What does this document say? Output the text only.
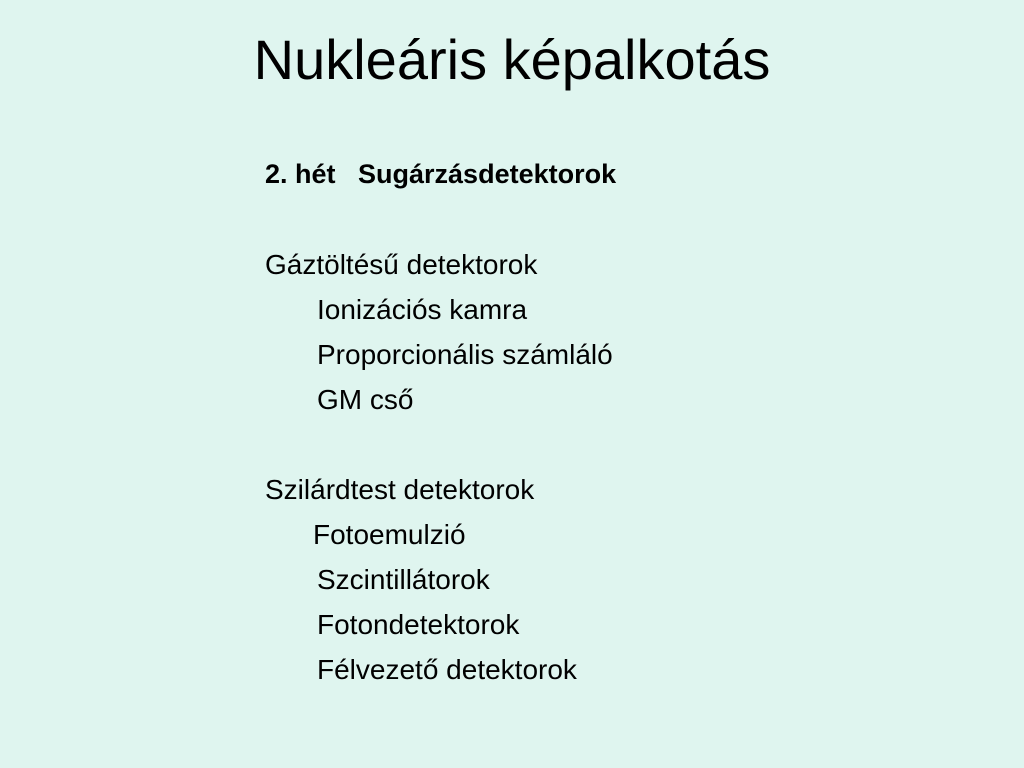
Nukleáris képalkotás
2. hét   Sugárzásdetektorok
Gáztöltésű detektorok
Ionizációs kamra
Proporcionális számláló
GM cső
Szilárdtest detektorok
Fotoemulzió
Szcintillátorok
Fotondetektorok
Félvezető detektorok
